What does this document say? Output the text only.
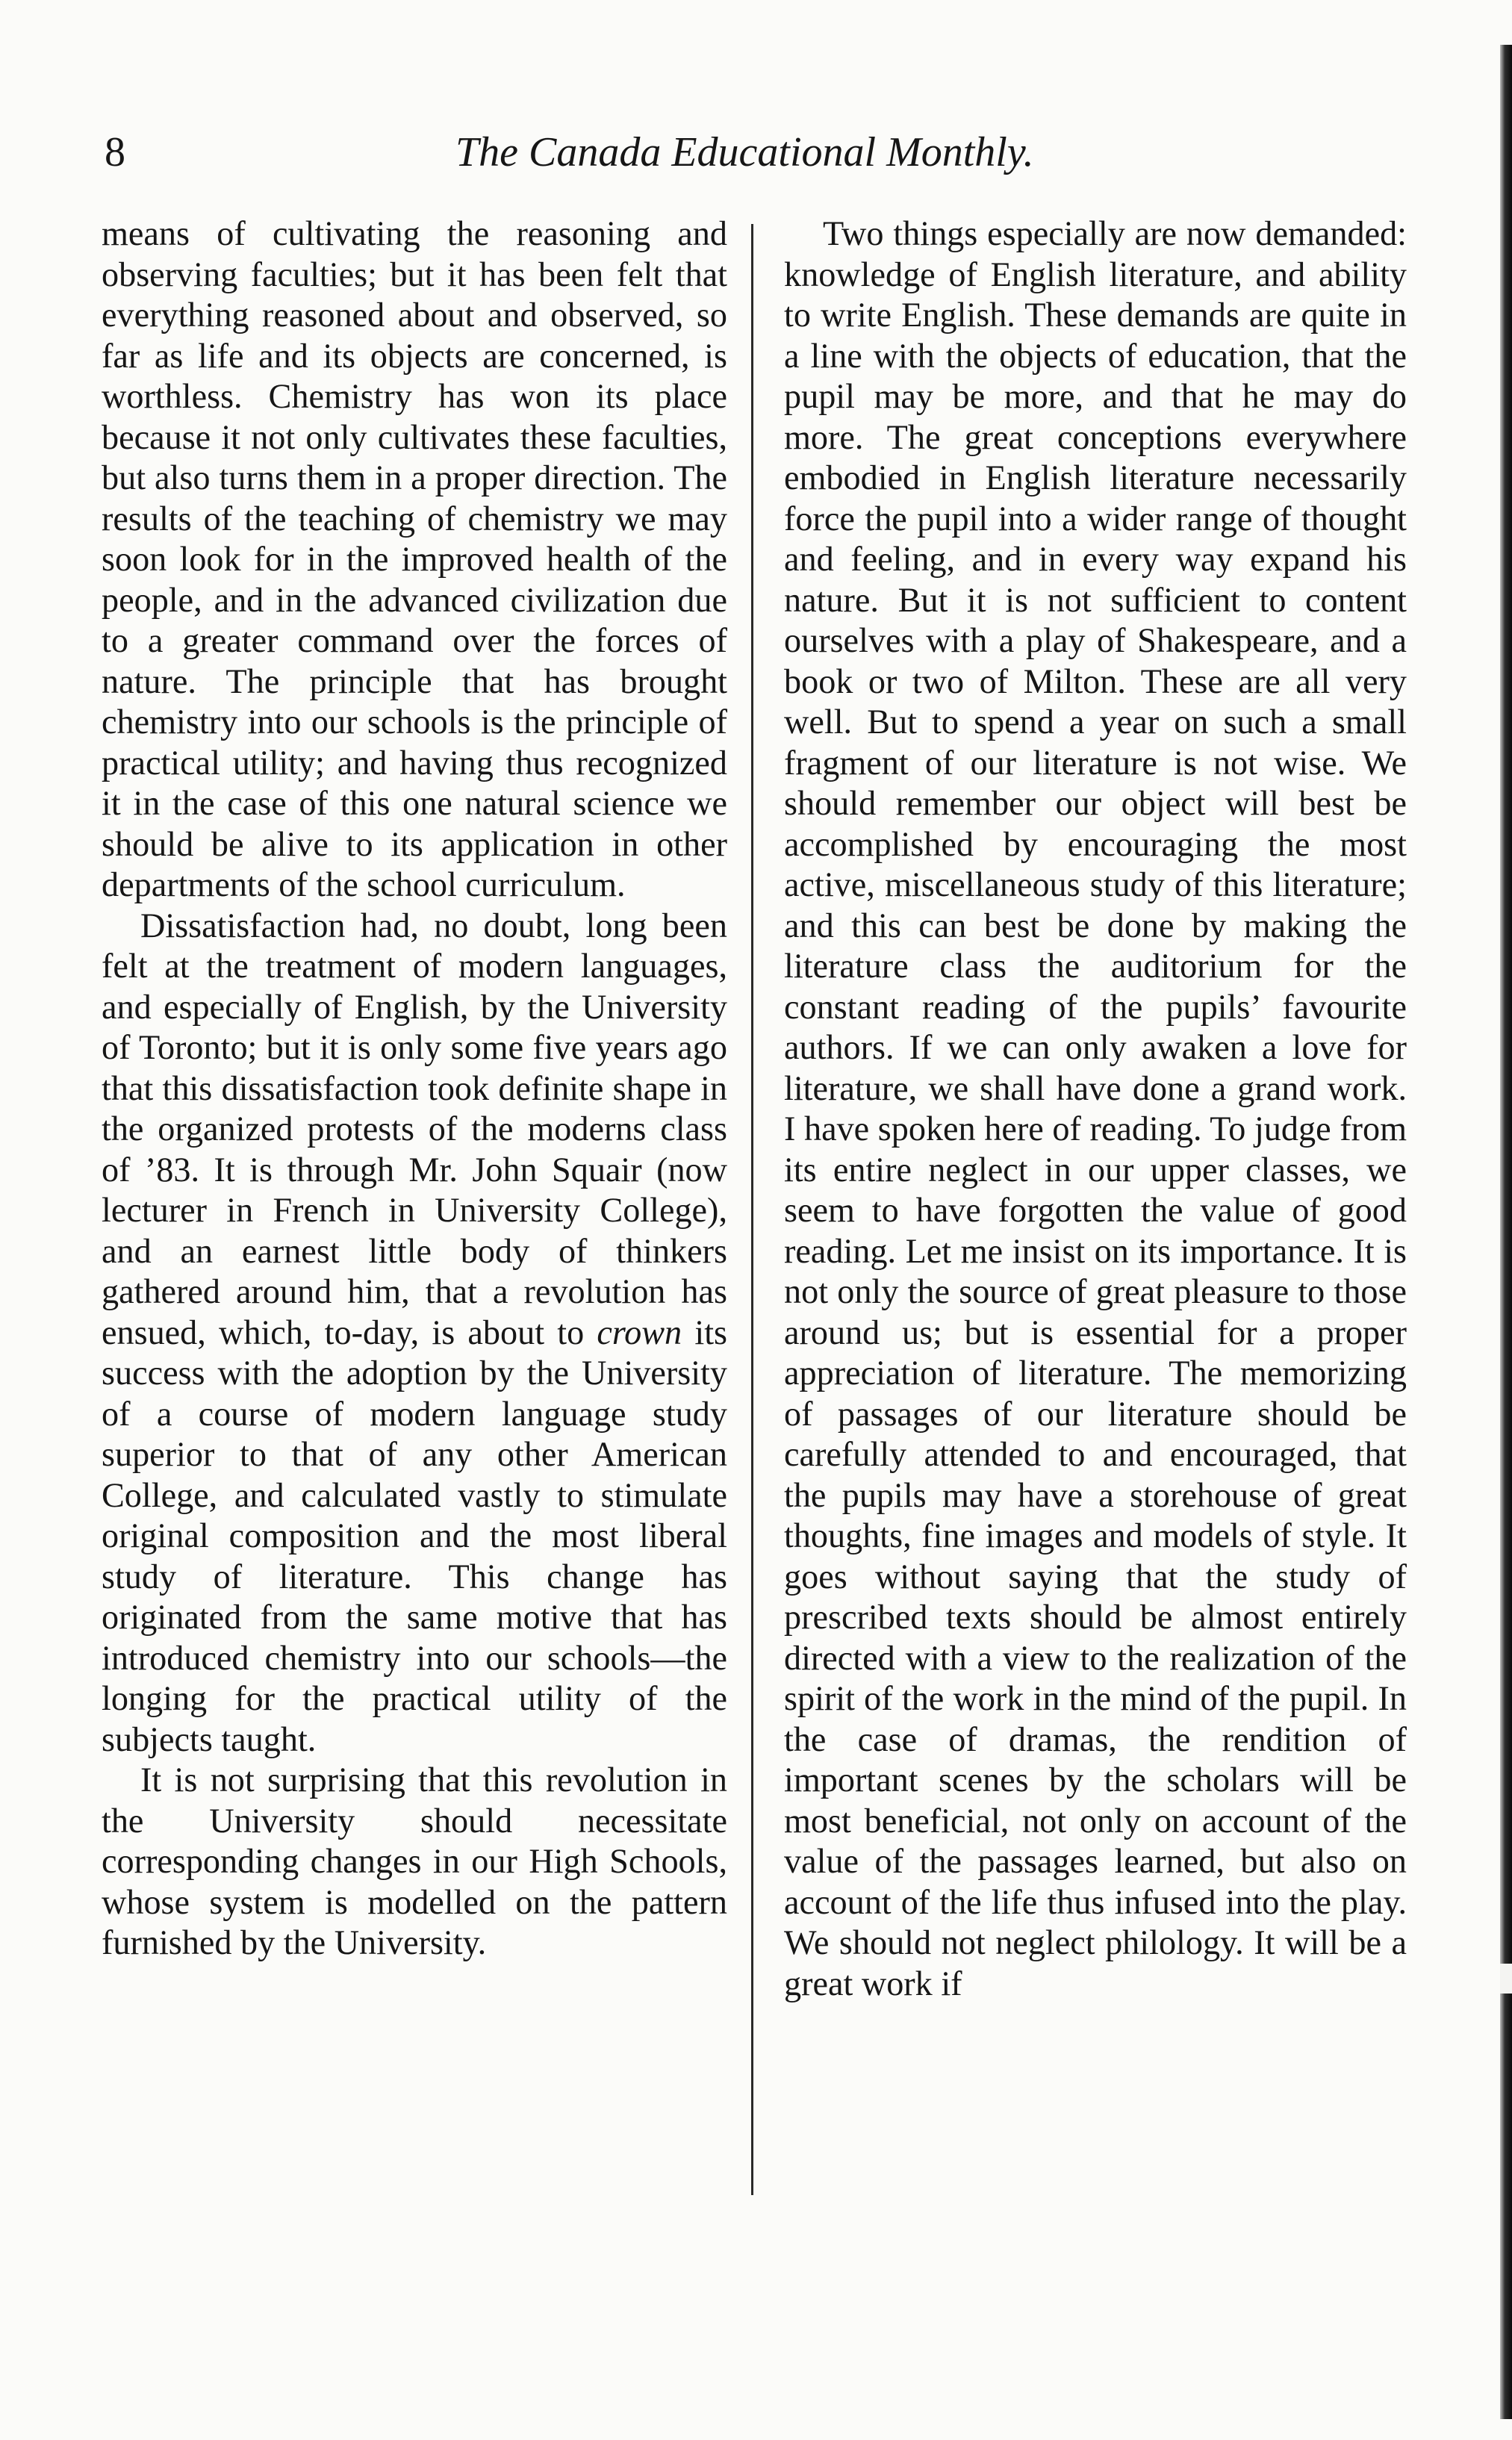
8	The Canada Educational Monthly.

means of cultivating the reasoning and observing faculties; but it has been felt that everything reasoned about and observed, so far as life and its objects are concerned, is worthless. Chemistry has won its place because it not only cultivates these faculties, but also turns them in a proper direction. The results of the teaching of chemistry we may soon look for in the improved health of the people, and in the advanced civilization due to a greater command over the forces of nature. The principle that has brought chemistry into our schools is the principle of practical utility; and having thus recognized it in the case of this one natural science we should be alive to its application in other departments of the school curriculum.

Dissatisfaction had, no doubt, long been felt at the treatment of modern languages, and especially of English, by the University of Toronto; but it is only some five years ago that this dissatisfaction took definite shape in the organized protests of the moderns class of ’83. It is through Mr. John Squair (now lecturer in French in University College), and an earnest little body of thinkers gathered around him, that a revolution has ensued, which, to-day, is about to crown its success with the adoption by the University of a course of modern language study superior to that of any other American College, and calculated vastly to stimulate original composition and the most liberal study of literature. This change has originated from the same motive that has introduced chemistry into our schools—the longing for the practical utility of the subjects taught.

It is not surprising that this revolution in the University should necessitate corresponding changes in our High Schools, whose system is modelled on the pattern furnished by the University.

Two things especially are now demanded: knowledge of English literature, and ability to write English. These demands are quite in a line with the objects of education, that the pupil may be more, and that he may do more. The great conceptions everywhere embodied in English literature necessarily force the pupil into a wider range of thought and feeling, and in every way expand his nature. But it is not sufficient to content ourselves with a play of Shakespeare, and a book or two of Milton. These are all very well. But to spend a year on such a small fragment of our literature is not wise. We should remember our object will best be accomplished by encouraging the most active, miscellaneous study of this literature; and this can best be done by making the literature class the auditorium for the constant reading of the pupils’ favourite authors. If we can only awaken a love for literature, we shall have done a grand work. I have spoken here of reading. To judge from its entire neglect in our upper classes, we seem to have forgotten the value of good reading. Let me insist on its importance. It is not only the source of great pleasure to those around us; but is essential for a proper appreciation of literature. The memorizing of passages of our literature should be carefully attended to and encouraged, that the pupils may have a storehouse of great thoughts, fine images and models of style. It goes without saying that the study of prescribed texts should be almost entirely directed with a view to the realization of the spirit of the work in the mind of the pupil. In the case of dramas, the rendition of important scenes by the scholars will be most beneficial, not only on account of the value of the passages learned, but also on account of the life thus infused into the play. We should not neglect philology. It will be a great work if
